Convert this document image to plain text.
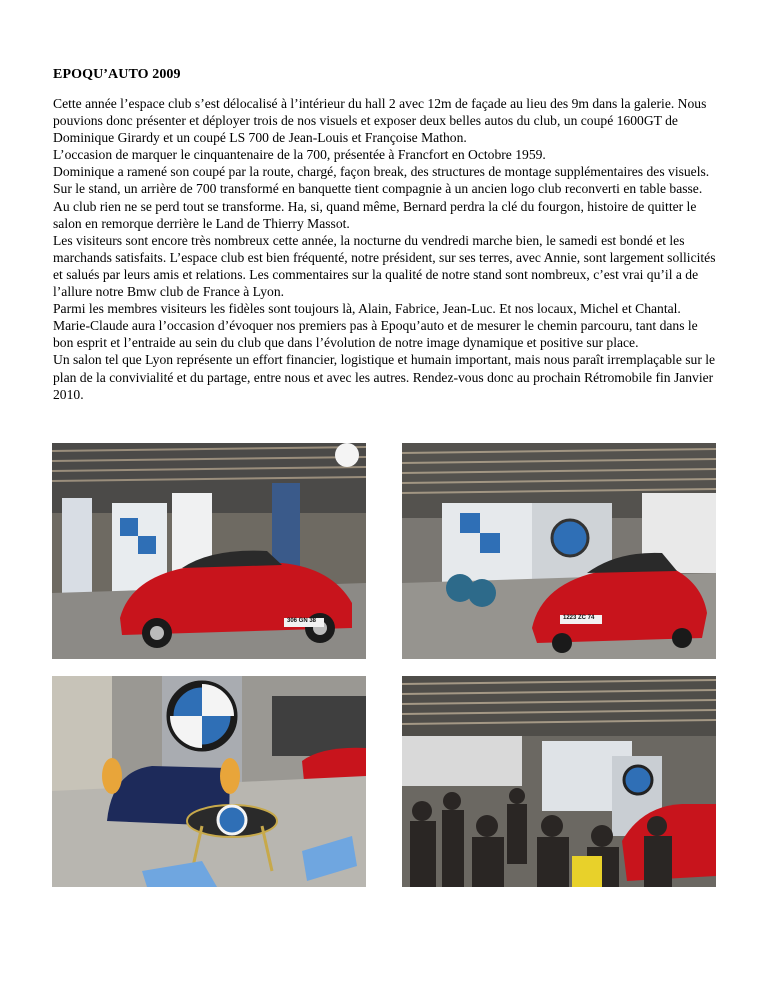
EPOQU’AUTO 2009

Cette année l’espace club s’est délocalisé à l’intérieur du hall 2 avec 12m de façade au lieu des 9m dans la galerie. Nous pouvions donc présenter et déployer trois de nos visuels et exposer deux belles autos du club, un coupé 1600GT de Dominique Girardy et un coupé LS 700 de Jean-Louis et Françoise Mathon.

L’occasion de marquer le cinquantenaire de la 700, présentée à Francfort en Octobre 1959.

Dominique a ramené son coupé par la route, chargé, façon break, des structures de montage supplémentaires des visuels. Sur le stand, un arrière de 700 transformé en banquette tient compagnie à un ancien logo club reconverti en table basse. Au club rien ne se perd tout se transforme. Ha, si, quand même, Bernard perdra la clé du fourgon, histoire de quitter le salon en remorque derrière le Land de Thierry Massot.

Les visiteurs sont encore très nombreux cette année, la nocturne du vendredi marche bien, le samedi est bondé et les marchands satisfaits. L’espace club est bien fréquenté, notre président, sur ses terres, avec Annie, sont largement sollicités et salués par leurs amis et relations. Les commentaires sur la qualité de notre stand sont nombreux, c’est vrai qu’il a de l’allure notre Bmw club de France à Lyon.

Parmi les membres visiteurs les fidèles sont toujours là, Alain, Fabrice, Jean-Luc. Et nos locaux, Michel et Chantal.

Marie-Claude aura l’occasion d’évoquer nos premiers pas à Epoqu’auto et de mesurer le chemin parcouru, tant dans le bon esprit et l’entraide au sein du club que dans l’évolution de notre image dynamique et positive sur place.

Un salon tel que Lyon représente un effort financier, logistique et humain important, mais nous paraît irremplaçable sur le plan de la convivialité et du partage, entre nous et avec les autres. Rendez-vous donc au prochain Rétromobile fin Janvier 2010.

306 GN 38	1223 ZC 74
